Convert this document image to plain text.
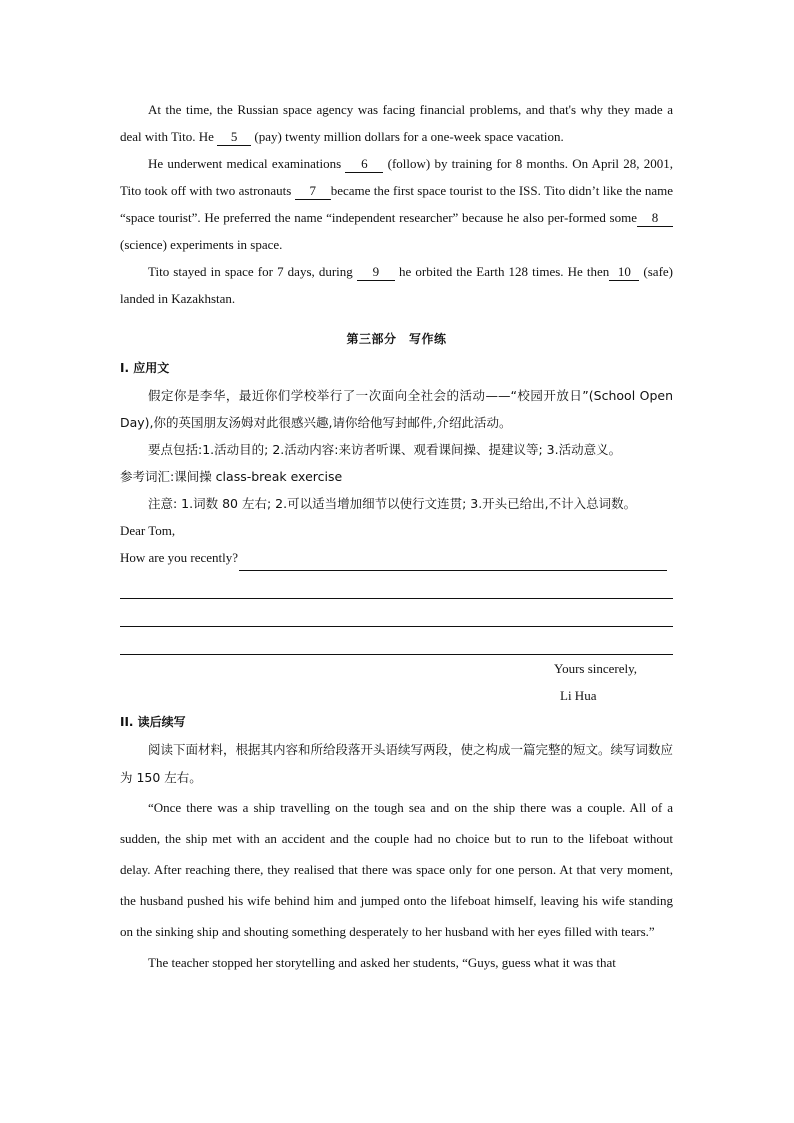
At the time, the Russian space agency was facing financial problems, and that's why they made a deal with Tito. He 5 (pay) twenty million dollars for a one-week space vacation.

He underwent medical examinations 6 (follow) by training for 8 months. On April 28, 2001, Tito took off with two astronauts 7 became the first space tourist to the ISS. Tito didn’t like the name “space tourist”. He preferred the name “independent researcher” because he also per-formed some 8 (science) experiments in space.

Tito stayed in space for 7 days, during 9 he orbited the Earth 128 times. He then 10 (safe) landed in Kazakhstan.

第三部分　写作练

I. 应用文

假定你是李华，最近你们学校举行了一次面向全社会的活动——“校园开放日”(School Open Day),你的英国朋友汤姆对此很感兴趣,请你给他写封邮件,介绍此活动。

要点包括:1.活动目的; 2.活动内容:来访者听课、观看课间操、提建议等; 3.活动意义。

参考词汇:课间操 class-break exercise

注意: 1.词数 80 左右; 2.可以适当增加细节以使行文连贯; 3.开头已给出,不计入总词数。

Dear Tom,

How are you recently?

Yours sincerely,

Li Hua

II. 读后续写

阅读下面材料，根据其内容和所给段落开头语续写两段，使之构成一篇完整的短文。续写词数应为 150 左右。

“Once there was a ship travelling on the tough sea and on the ship there was a couple. All of a sudden, the ship met with an accident and the couple had no choice but to run to the lifeboat without delay. After reaching there, they realised that there was space only for one person. At that very moment, the husband pushed his wife behind him and jumped onto the lifeboat himself, leaving his wife standing on the sinking ship and shouting something desperately to her husband with her eyes filled with tears.”

The teacher stopped her storytelling and asked her students, “Guys, guess what it was that
